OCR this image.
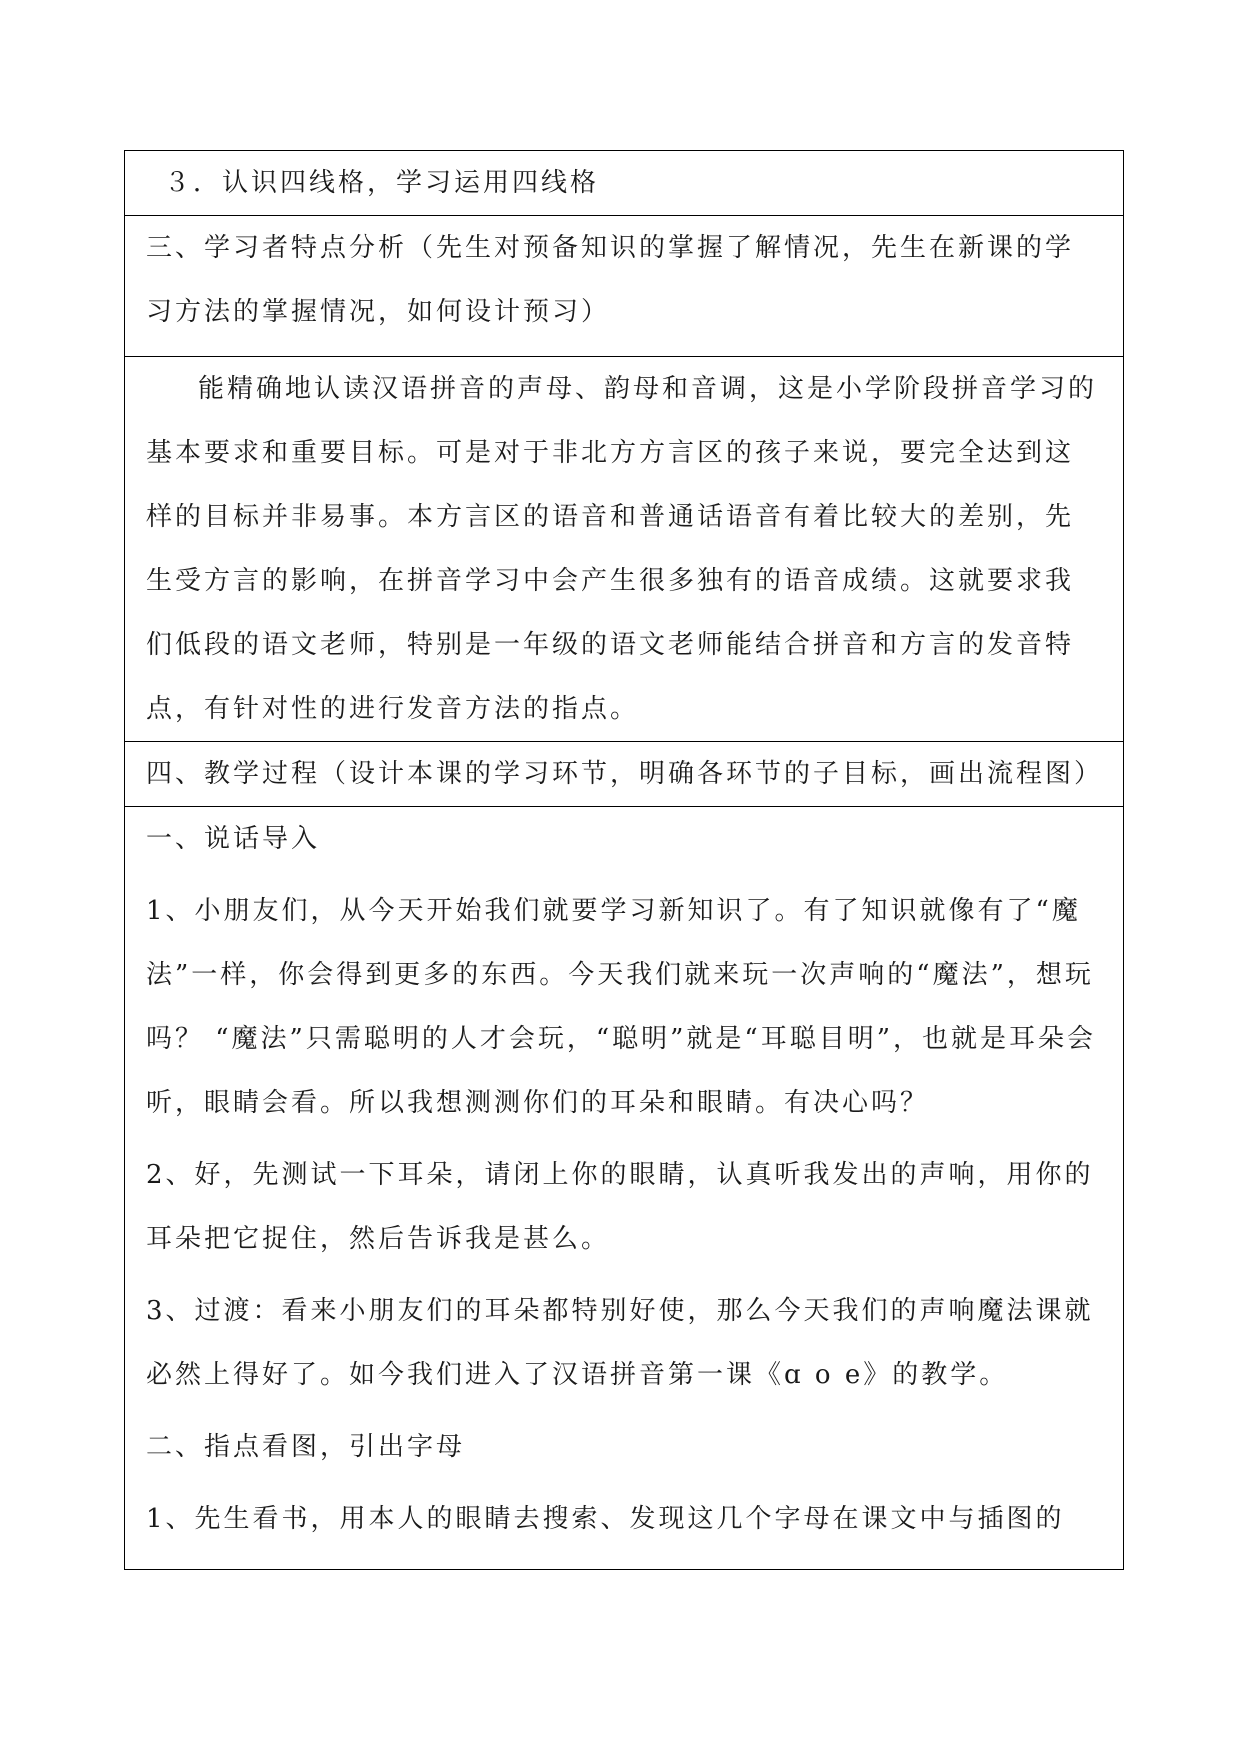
３．认识四线格，学习运用四线格

三、学习者特点分析（先生对预备知识的掌握了解情况，先生在新课的学习方法的掌握情况，如何设计预习）

能精确地认读汉语拼音的声母、韵母和音调，这是小学阶段拼音学习的基本要求和重要目标。可是对于非北方方言区的孩子来说，要完全达到这样的目标并非易事。本方言区的语音和普通话语音有着比较大的差别，先生受方言的影响，在拼音学习中会产生很多独有的语音成绩。这就要求我们低段的语文老师，特别是一年级的语文老师能结合拼音和方言的发音特点，有针对性的进行发音方法的指点。

四、教学过程（设计本课的学习环节，明确各环节的子目标，画出流程图）

一、说话导入

1、小朋友们，从今天开始我们就要学习新知识了。有了知识就像有了“魔法”一样，你会得到更多的东西。今天我们就来玩一次声响的“魔法”，想玩吗？ “魔法”只需聪明的人才会玩，“聪明”就是“耳聪目明”，也就是耳朵会听，眼睛会看。所以我想测测你们的耳朵和眼睛。有决心吗？

2、好，先测试一下耳朵，请闭上你的眼睛，认真听我发出的声响，用你的耳朵把它捉住，然后告诉我是甚么。

3、过渡：看来小朋友们的耳朵都特别好使，那么今天我们的声响魔法课就必然上得好了。如今我们进入了汉语拼音第一课《ɑ o e》的教学。

二、指点看图，引出字母

1、先生看书，用本人的眼睛去搜索、发现这几个字母在课文中与插图的
